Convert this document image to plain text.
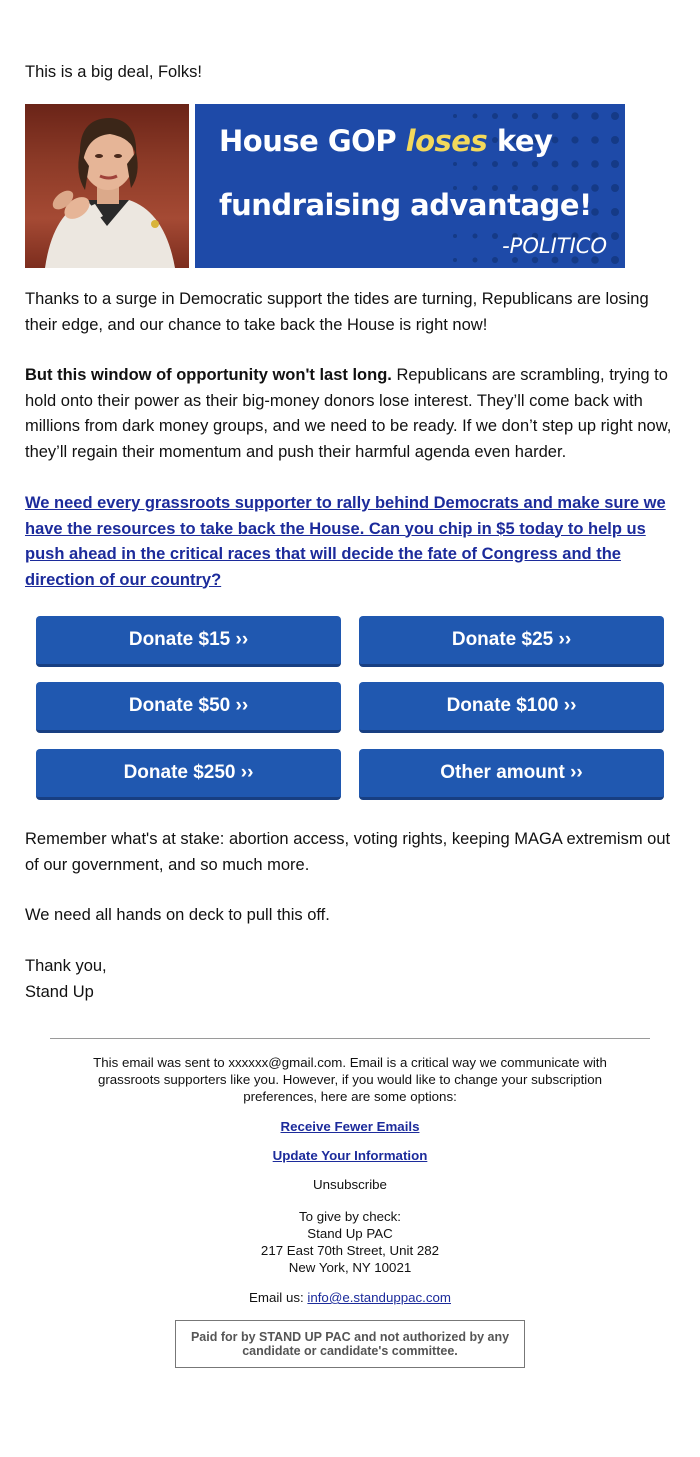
This is a big deal, Folks!

Thanks to a surge in Democratic support the tides are turning, Republicans are losing their edge, and our chance to take back the House is right now!

But this window of opportunity won't last long. Republicans are scrambling, trying to hold onto their power as their big-money donors lose interest. They’ll come back with millions from dark money groups, and we need to be ready. If we don’t step up right now, they’ll regain their momentum and push their harmful agenda even harder.

We need every grassroots supporter to rally behind Democrats and make sure we have the resources to take back the House. Can you chip in $5 today to help us push ahead in the critical races that will decide the fate of Congress and the direction of our country?

Remember what's at stake: abortion access, voting rights, keeping MAGA extremism out of our government, and so much more.

We need all hands on deck to pull this off.

Thank you,
Stand Up

House GOP loses key
fundraising advantage!
-POLITICO
Donate $15 ››	Donate $25 ››
Donate $50 ››	Donate $100 ››
Donate $250 ››	Other amount ››
This email was sent to xxxxxx@gmail.com. Email is a critical way we communicate with grassroots supporters like you. However, if you would like to change your subscription preferences, here are some options:
Receive Fewer Emails
Update Your Information
Unsubscribe
To give by check:
Stand Up PAC
217 East 70th Street, Unit 282
New York, NY 10021
Email us: info@e.standuppac.com
Paid for by STAND UP PAC and not authorized by any candidate or candidate's committee.
